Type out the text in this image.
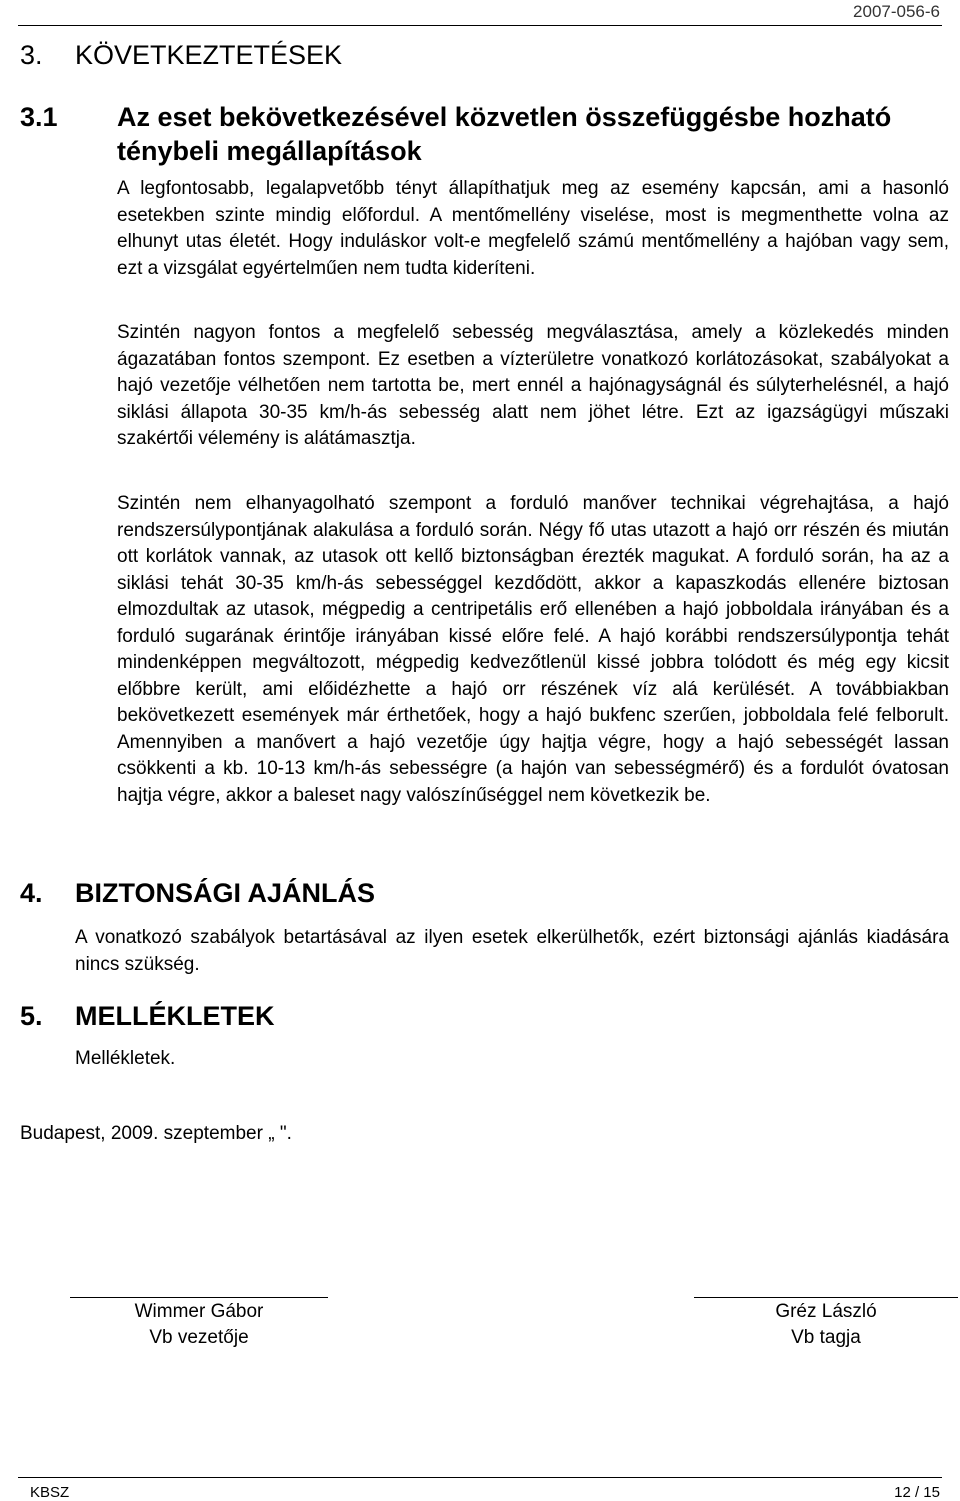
2007-056-6
3. KÖVETKEZTETÉSEK
3.1 Az eset bekövetkezésével közvetlen összefüggésbe hozható ténybeli megállapítások

A legfontosabb, legalapvetőbb tényt állapíthatjuk meg az esemény kapcsán, ami a hasonló esetekben szinte mindig előfordul. A mentőmellény viselése, most is megmenthette volna az elhunyt utas életét. Hogy induláskor volt-e megfelelő számú mentőmellény a hajóban vagy sem, ezt a vizsgálat egyértelműen nem tudta kideríteni.

Szintén nagyon fontos a megfelelő sebesség megválasztása, amely a közlekedés minden ágazatában fontos szempont. Ez esetben a vízterületre vonatkozó korlátozásokat, szabályokat a hajó vezetője vélhetően nem tartotta be, mert ennél a hajónagyságnál és súlyterhelésnél, a hajó siklási állapota 30-35 km/h-ás sebesség alatt nem jöhet létre. Ezt az igazságügyi műszaki szakértői vélemény is alátámasztja.

Szintén nem elhanyagolható szempont a forduló manőver technikai végrehajtása, a hajó rendszersúlypontjának alakulása a forduló során. Négy fő utas utazott a hajó orr részén és miután ott korlátok vannak, az utasok ott kellő biztonságban érezték magukat. A forduló során, ha az a siklási tehát 30-35 km/h-ás sebességgel kezdődött, akkor a kapaszkodás ellenére biztosan elmozdultak az utasok, mégpedig a centripetális erő ellenében a hajó jobboldala irányában és a forduló sugarának érintője irányában kissé előre felé. A hajó korábbi rendszersúlypontja tehát mindenképpen megváltozott, mégpedig kedvezőtlenül kissé jobbra tolódott és még egy kicsit előbbre került, ami előidézhette a hajó orr részének víz alá kerülését. A továbbiakban bekövetkezett események már érthetőek, hogy a hajó bukfenc szerűen, jobboldala felé felborult. Amennyiben a manővert a hajó vezetője úgy hajtja végre, hogy a hajó sebességét lassan csökkenti a kb. 10-13 km/h-ás sebességre (a hajón van sebességmérő) és a fordulót óvatosan hajtja végre, akkor a baleset nagy valószínűséggel nem következik be.

4. BIZTONSÁGI AJÁNLÁS

A vonatkozó szabályok betartásával az ilyen esetek elkerülhetők, ezért biztonsági ajánlás kiadására nincs szükség.

5. MELLÉKLETEK

Mellékletek.

Budapest, 2009. szeptember „ ".

Wimmer Gábor
Vb vezetője
Gréz László
Vb tagja
KBSZ	12 / 15
